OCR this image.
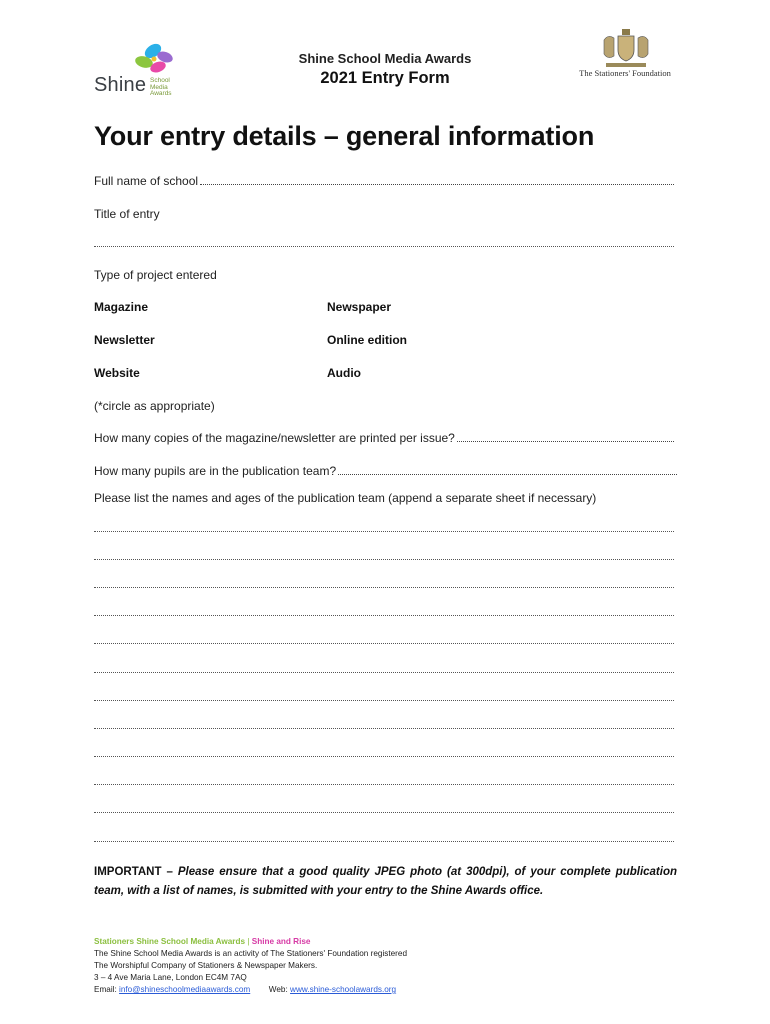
Shine School
Media
Awards
Shine School Media Awards
2021 Entry Form	The Stationers' Foundation
Your entry details – general information
Full name of school
Title of entry
Type of project entered
Magazine	Newspaper
Newsletter	Online edition
Website	Audio
(*circle as appropriate)
How many copies of the magazine/newsletter are printed per issue?
How many pupils are in the publication team?
Please list the names and ages of the publication team (append a separate sheet if necessary)
IMPORTANT – Please ensure that a good quality JPEG photo (at 300dpi), of your complete publication team, with a list of names, is submitted with your entry to the Shine Awards office.
Stationers Shine School Media Awards | Shine and Rise
The Shine School Media Awards is an activity of The Stationers' Foundation registered
The Worshipful Company of Stationers & Newspaper Makers.
3 – 4 Ave Maria Lane, London EC4M 7AQ
Email: info@shineschoolmediaawards.com Web: www.shine-schoolawards.org
